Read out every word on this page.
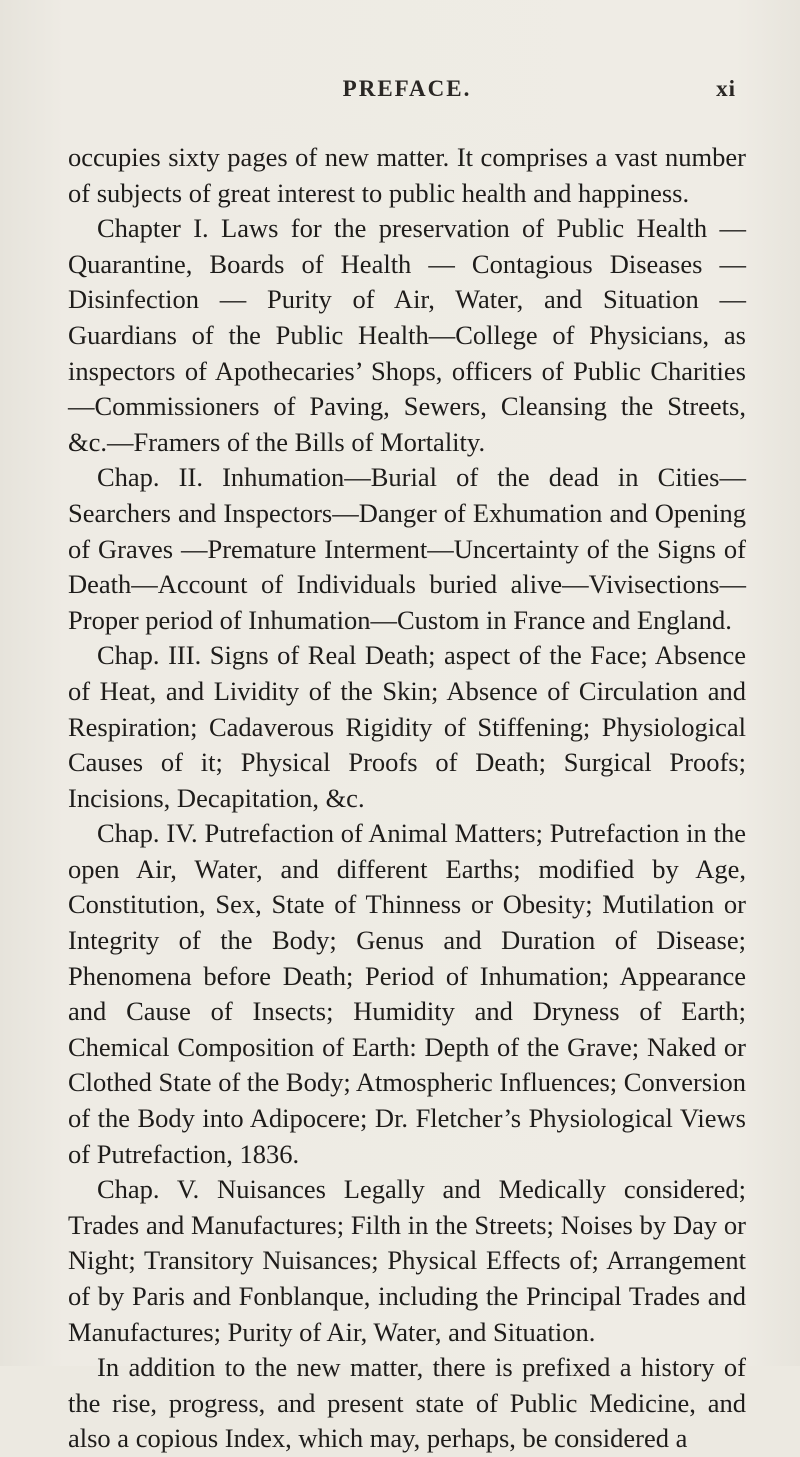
PREFACE.	xi

occupies sixty pages of new matter. It comprises a vast number of subjects of great interest to public health and happiness.

Chapter I. Laws for the preservation of Public Health — Quarantine, Boards of Health — Contagious Diseases — Disinfection — Purity of Air, Water, and Situation — Guardians of the Public Health—College of Physicians, as inspectors of Apothecaries’ Shops, officers of Public Charities —Commissioners of Paving, Sewers, Cleansing the Streets, &c.—Framers of the Bills of Mortality.

Chap. II. Inhumation—Burial of the dead in Cities—Searchers and Inspectors—Danger of Exhumation and Opening of Graves —Premature Interment—Uncertainty of the Signs of Death—Account of Individuals buried alive—Vivisections—Proper period of Inhumation—Custom in France and England.

Chap. III. Signs of Real Death; aspect of the Face; Absence of Heat, and Lividity of the Skin; Absence of Circulation and Respiration; Cadaverous Rigidity of Stiffening; Physiological Causes of it; Physical Proofs of Death; Surgical Proofs; Incisions, Decapitation, &c.

Chap. IV. Putrefaction of Animal Matters; Putrefaction in the open Air, Water, and different Earths; modified by Age, Constitution, Sex, State of Thinness or Obesity; Mutilation or Integrity of the Body; Genus and Duration of Disease; Phenomena before Death; Period of Inhumation; Appearance and Cause of Insects; Humidity and Dryness of Earth; Chemical Composition of Earth: Depth of the Grave; Naked or Clothed State of the Body; Atmospheric Influences; Conversion of the Body into Adipocere; Dr. Fletcher’s Physiological Views of Putrefaction, 1836.

Chap. V. Nuisances Legally and Medically considered; Trades and Manufactures; Filth in the Streets; Noises by Day or Night; Transitory Nuisances; Physical Effects of; Arrangement of by Paris and Fonblanque, including the Principal Trades and Manufactures; Purity of Air, Water, and Situation.

In addition to the new matter, there is prefixed a history of the rise, progress, and present state of Public Medicine, and also a copious Index, which may, perhaps, be considered a
